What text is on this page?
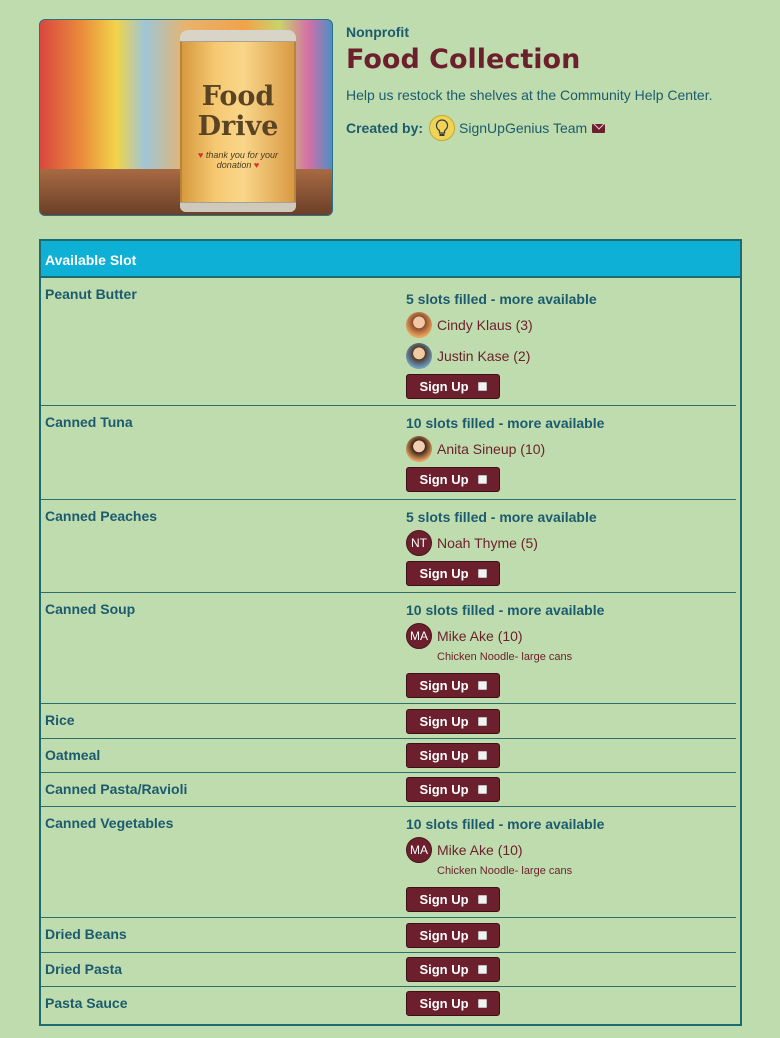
Food
Drive
♥ thank you for your donation ♥
Nonprofit
Food Collection
Help us restock the shelves at the Community Help Center.
Created by:	SignUpGenius Team
Available Slot
Peanut Butter	5 slots filled - more available
Cindy Klaus (3)
Justin Kase (2)
Sign Up
Canned Tuna	10 slots filled - more available
Anita Sineup (10)
Sign Up
Canned Peaches	5 slots filled - more available
NT Noah Thyme (5)
Sign Up
Canned Soup	10 slots filled - more available
MA Mike Ake (10)
Chicken Noodle- large cans
Sign Up
Rice	Sign Up
Oatmeal	Sign Up
Canned Pasta/Ravioli	Sign Up
Canned Vegetables	10 slots filled - more available
MA Mike Ake (10)
Chicken Noodle- large cans
Sign Up
Dried Beans	Sign Up
Dried Pasta	Sign Up
Pasta Sauce	Sign Up
